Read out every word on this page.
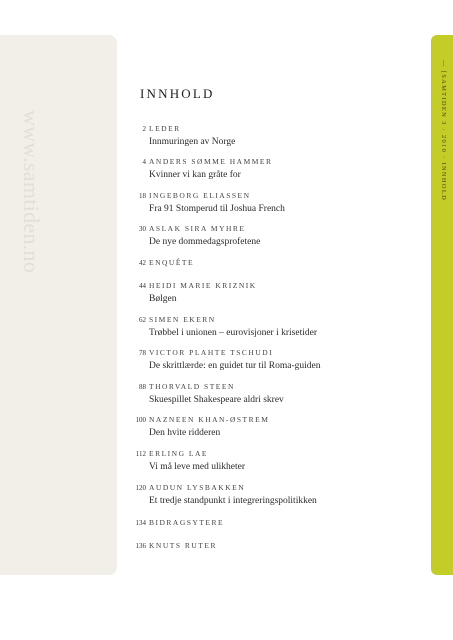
www.samtiden.no
INNHOLD
2 LEDER
Innmuringen av Norge
4 ANDERS SØMME HAMMER
Kvinner vi kan gråte for
18 INGEBORG ELIASSEN
Fra 91 Stomperud til Joshua French
30 ASLAK SIRA MYHRE
De nye dommedagsprofetene
42 ENQUÊTE
44 HEIDI MARIE KRIZNIK
Bølgen
62 SIMEN EKERN
Trøbbel i unionen – eurovisjoner i krisetider
78 VICTOR PLAHTE TSCHUDI
De skrittlærde: en guidet tur til Roma-guiden
88 THORVALD STEEN
Skuespillet Shakespeare aldri skrev
100 NAZNEEN KHAN-ØSTREM
Den hvite ridderen
112 ERLING LAE
Vi må leve med ulikheter
120 AUDUN LYSBAKKEN
Et tredje standpunkt i integreringspolitikken
134 BIDRAGSYTERE
136 KNUTS RUTER
— [SAMTIDEN 3 · 2010 · INNHOLD
